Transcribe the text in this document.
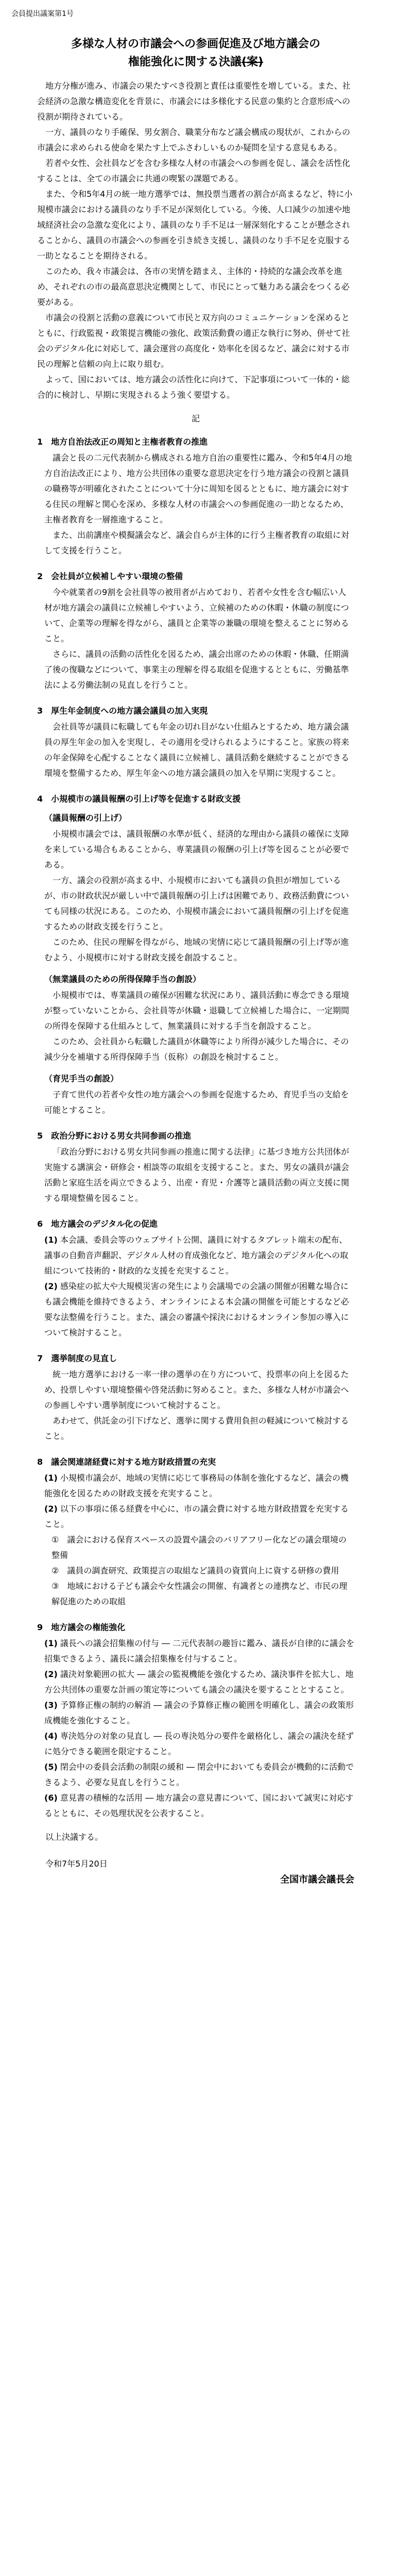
会員提出議案第1号
多様な人材の市議会への参画促進及び地方議会の
権能強化に関する決議(案)

地方分権が進み、市議会の果たすべき役割と責任は重要性を増している。また、社会経済の急激な構造変化を背景に、市議会には多様化する民意の集約と合意形成への役割が期待されている。

一方、議員のなり手確保、男女割合、職業分布など議会構成の現状が、これからの市議会に求められる使命を果たす上でふさわしいものか疑問を呈する意見もある。

若者や女性、会社員などを含む多様な人材の市議会への参画を促し、議会を活性化することは、全ての市議会に共通の喫緊の課題である。

また、令和5年4月の統一地方選挙では、無投票当選者の割合が高まるなど、特に小規模市議会における議員のなり手不足が深刻化している。今後、人口減少の加速や地域経済社会の急激な変化により、議員のなり手不足は一層深刻化することが懸念されることから、議員の市議会への参画を引き続き支援し、議員のなり手不足を克服する一助となることを期待される。

このため、我々市議会は、各市の実情を踏まえ、主体的・持続的な議会改革を進め、それぞれの市の最高意思決定機関として、市民にとって魅力ある議会をつくる必要がある。

市議会の役割と活動の意義について市民と双方向のコミュニケーションを深めるとともに、行政監視・政策提言機能の強化、政策活動費の適正な執行に努め、併せて社会のデジタル化に対応して、議会運営の高度化・効率化を図るなど、議会に対する市民の理解と信頼の向上に取り組む。

よって、国においては、地方議会の活性化に向けて、下記事項について一体的・総合的に検討し、早期に実現されるよう強く要望する。

記
1　地方自治法改正の周知と主権者教育の推進

議会と長の二元代表制から構成される地方自治の重要性に鑑み、令和5年4月の地方自治法改正により、地方公共団体の重要な意思決定を行う地方議会の役割と議員の職務等が明確化されたことについて十分に周知を図るとともに、地方議会に対する住民の理解と関心を深め、多様な人材の市議会への参画促進の一助となるため、主権者教育を一層推進すること。

また、出前講座や模擬議会など、議会自らが主体的に行う主権者教育の取組に対して支援を行うこと。

2　会社員が立候補しやすい環境の整備

今や就業者の9割を会社員等の被用者が占めており、若者や女性を含む幅広い人材が地方議会の議員に立候補しやすいよう、立候補のための休暇・休職の制度について、企業等の理解を得ながら、議員と企業等の兼職の環境を整えることに努めること。

さらに、議員の活動の活性化を図るため、議会出席のための休暇・休職、任期満了後の復職などについて、事業主の理解を得る取組を促進するとともに、労働基準法による労働法制の見直しを行うこと。

3　厚生年金制度への地方議会議員の加入実現

会社員等が議員に転職しても年金の切れ目がない仕組みとするため、地方議会議員の厚生年金の加入を実現し、その適用を受けられるようにすること。家族の将来の年金保障を心配することなく議員に立候補し、議員活動を継続することができる環境を整備するため、厚生年金への地方議会議員の加入を早期に実現すること。

4　小規模市の議員報酬の引上げ等を促進する財政支援
（議員報酬の引上げ）

小規模市議会では、議員報酬の水準が低く、経済的な理由から議員の確保に支障を来している場合もあることから、専業議員の報酬の引上げ等を図ることが必要である。

一方、議会の役割が高まる中、小規模市においても議員の負担が増加しているが、市の財政状況が厳しい中で議員報酬の引上げは困難であり、政務活動費についても同様の状況にある。このため、小規模市議会において議員報酬の引上げを促進するための財政支援を行うこと。

このため、住民の理解を得ながら、地域の実情に応じて議員報酬の引上げ等が進むよう、小規模市に対する財政支援を創設すること。

（無業議員のための所得保障手当の創設）

小規模市では、専業議員の確保が困難な状況にあり、議員活動に専念できる環境が整っていないことから、会社員等が休職・退職して立候補した場合に、一定期間の所得を保障する仕組みとして、無業議員に対する手当を創設すること。

このため、会社員から転職した議員が休職等により所得が減少した場合に、その減少分を補塡する所得保障手当（仮称）の創設を検討すること。

（育児手当の創設）

子育て世代の若者や女性の地方議会への参画を促進するため、育児手当の支給を可能とすること。

5　政治分野における男女共同参画の推進

「政治分野における男女共同参画の推進に関する法律」に基づき地方公共団体が実施する講演会・研修会・相談等の取組を支援すること。また、男女の議員が議会活動と家庭生活を両立できるよう、出産・育児・介護等と議員活動の両立支援に関する環境整備を図ること。

6　地方議会のデジタル化の促進
(1) 本会議、委員会等のウェブサイト公開、議員に対するタブレット端末の配布、議事の自動音声翻訳、デジタル人材の育成強化など、地方議会のデジタル化への取組について技術的・財政的な支援を充実すること。
(2) 感染症の拡大や大規模災害の発生により会議場での会議の開催が困難な場合にも議会機能を維持できるよう、オンラインによる本会議の開催を可能とするなど必要な法整備を行うこと。また、議会の審議や採決におけるオンライン参加の導入について検討すること。
7　選挙制度の見直し

統一地方選挙における一率一律の選挙の在り方について、投票率の向上を図るため、投票しやすい環境整備や啓発活動に努めること。また、多様な人材が市議会への参画しやすい選挙制度について検討すること。

あわせて、供託金の引下げなど、選挙に関する費用負担の軽減について検討すること。

8　議会関連諸経費に対する地方財政措置の充実
(1) 小規模市議会が、地域の実情に応じて事務局の体制を強化するなど、議会の機能強化を図るための財政支援を充実すること。
(2) 以下の事項に係る経費を中心に、市の議会費に対する地方財政措置を充実すること。
①　議会における保育スペースの設置や議会のバリアフリー化などの議会環境の整備
②　議員の調査研究、政策提言の取組など議員の資質向上に資する研修の費用
③　地域における子ども議会や女性議会の開催、有識者との連携など、市民の理解促進のための取組
9　地方議会の権能強化
(1) 議長への議会招集権の付与 ― 二元代表制の趣旨に鑑み、議長が自律的に議会を招集できるよう、議長に議会招集権を付与すること。
(2) 議決対象範囲の拡大 ― 議会の監視機能を強化するため、議決事件を拡大し、地方公共団体の重要な計画の策定等についても議会の議決を要することとすること。
(3) 予算修正権の制約の解消 ― 議会の予算修正権の範囲を明確化し、議会の政策形成機能を強化すること。
(4) 専決処分の対象の見直し ― 長の専決処分の要件を厳格化し、議会の議決を経ずに処分できる範囲を限定すること。
(5) 閉会中の委員会活動の制限の緩和 ― 閉会中においても委員会が機動的に活動できるよう、必要な見直しを行うこと。
(6) 意見書の積極的な活用 ― 地方議会の意見書について、国において誠実に対応するとともに、その処理状況を公表すること。

以上決議する。

令和7年5月20日
全国市議会議長会
